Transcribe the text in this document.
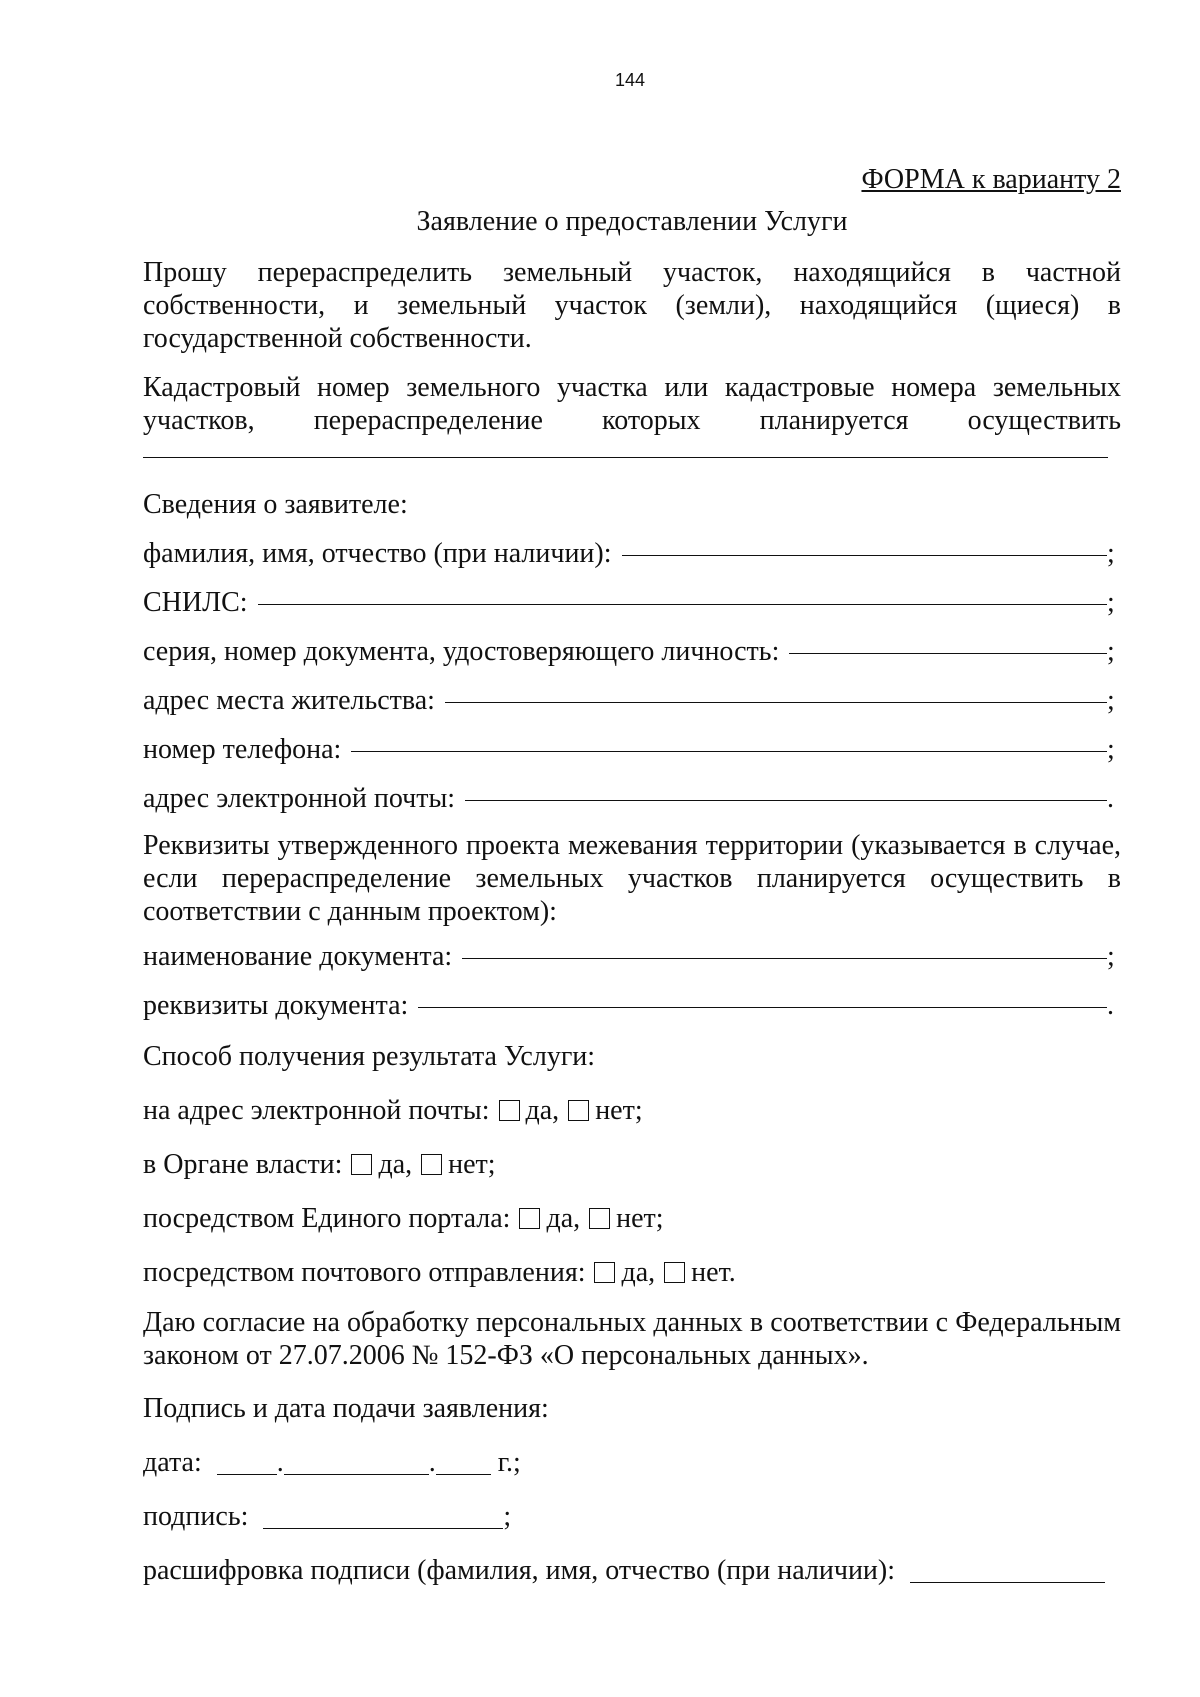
144
ФОРМА к варианту 2
Заявление о предоставлении Услуги

Прошу перераспределить земельный участок, находящийся в частной

собственности, и земельный участок (земли), находящийся (щиеся) в

государственной собственности.

Кадастровый номер земельного участка или кадастровые номера земельных

участков, перераспределение которых планируется осуществить

Сведения о заявителе:
фамилия, имя, отчество (при наличии):	;
СНИЛС:	;
серия, номер документа, удостоверяющего личность:	;
адрес места жительства:	;
номер телефона:	;
адрес электронной почты:	.

Реквизиты утвержденного проекта межевания территории (указывается в случае,

если перераспределение земельных участков планируется осуществить в

соответствии с данным проектом):

наименование документа:	;
реквизиты документа:	.
Способ получения результата Услуги:
на адрес электронной почты: да, нет;
в Органе власти: да, нет;
посредством Единого портала: да, нет;
посредством почтового отправления: да, нет.

Даю согласие на обработку персональных данных в соответствии с Федеральным

законом от 27.07.2006 № 152-ФЗ «О персональных данных».

Подпись и дата подачи заявления:
дата:	.	. г.;
подпись:	;
расшифровка подписи (фамилия, имя, отчество (при наличии):
